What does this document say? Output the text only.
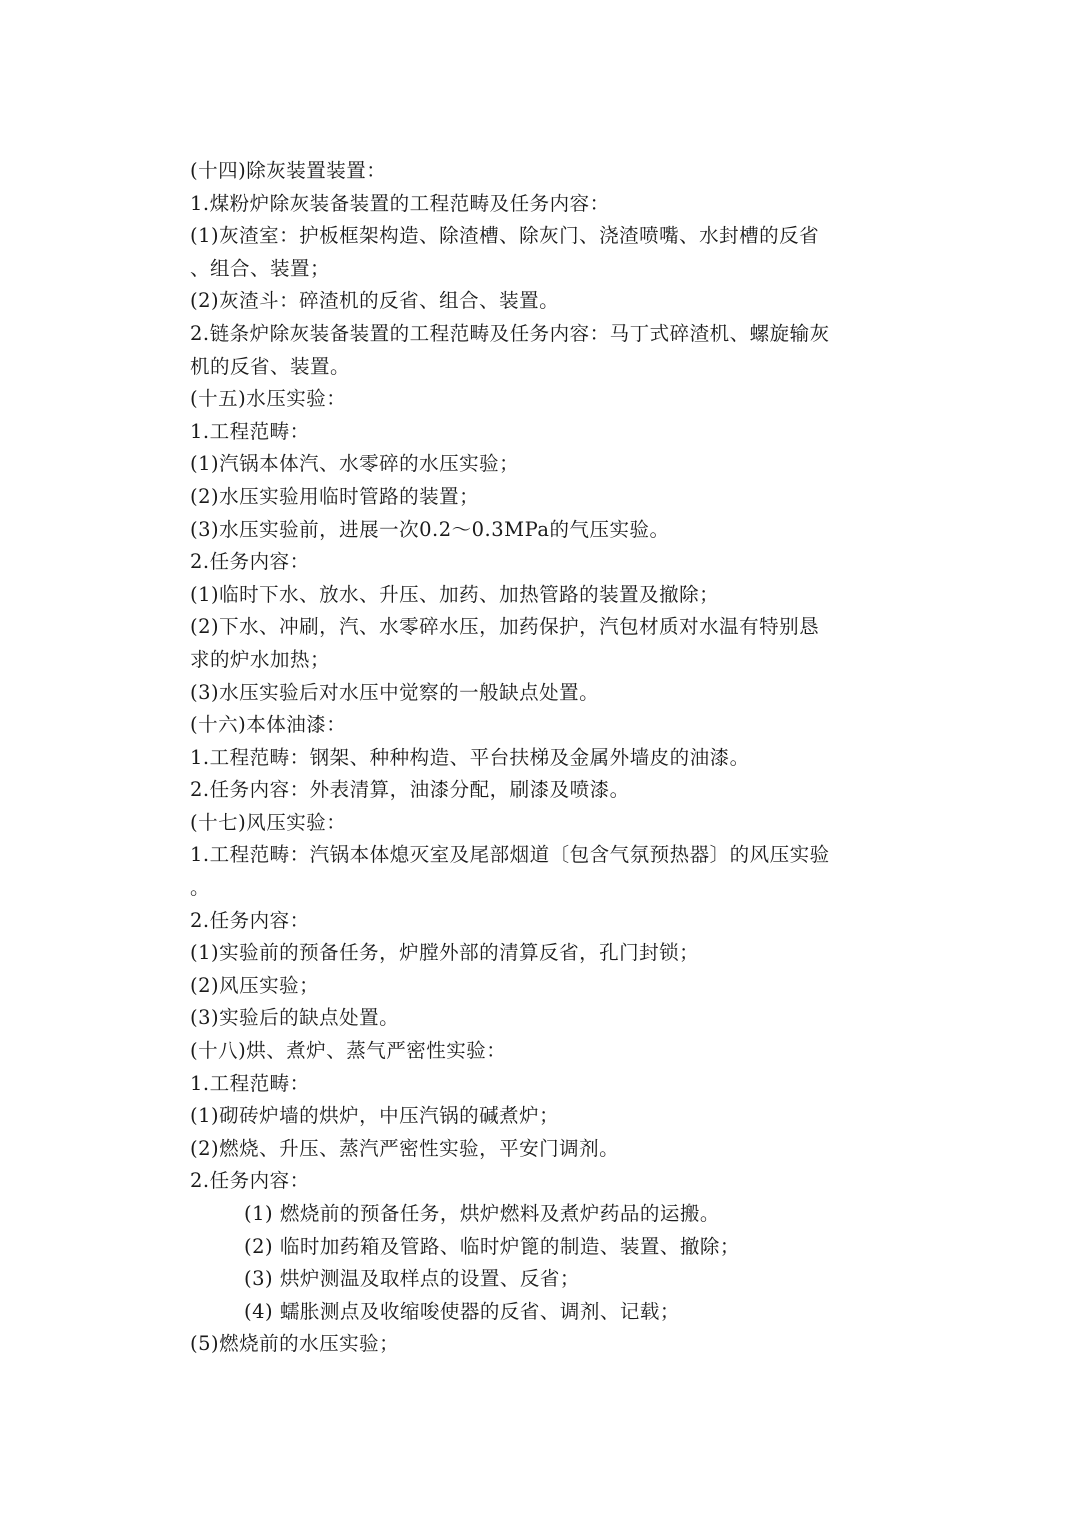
(十四)除灰装置装置：
1.煤粉炉除灰装备装置的工程范畴及任务内容：
(1)灰渣室：护板框架构造、除渣槽、除灰门、浇渣喷嘴、水封槽的反省
、组合、装置；
(2)灰渣斗：碎渣机的反省、组合、装置。
2.链条炉除灰装备装置的工程范畴及任务内容：马丁式碎渣机、螺旋输灰
机的反省、装置。
(十五)水压实验：
1.工程范畴：
(1)汽锅本体汽、水零碎的水压实验；
(2)水压实验用临时管路的装置；
(3)水压实验前，进展一次0.2～0.3MPa的气压实验。
2.任务内容：
(1)临时下水、放水、升压、加药、加热管路的装置及撤除；
(2)下水、冲刷，汽、水零碎水压，加药保护，汽包材质对水温有特别恳
求的炉水加热；
(3)水压实验后对水压中觉察的一般缺点处置。
(十六)本体油漆：
1.工程范畴：钢架、种种构造、平台扶梯及金属外墙皮的油漆。
2.任务内容：外表清算，油漆分配，刷漆及喷漆。
(十七)风压实验：
1.工程范畴：汽锅本体熄灭室及尾部烟道〔包含气氛预热器〕的风压实验
。
2.任务内容：
(1)实验前的预备任务，炉膛外部的清算反省，孔门封锁；
(2)风压实验；
(3)实验后的缺点处置。
(十八)烘、煮炉、蒸气严密性实验：
1.工程范畴：
(1)砌砖炉墙的烘炉，中压汽锅的碱煮炉；
(2)燃烧、升压、蒸汽严密性实验，平安门调剂。
2.任务内容：
(1) 燃烧前的预备任务，烘炉燃料及煮炉药品的运搬。
(2) 临时加药箱及管路、临时炉篦的制造、装置、撤除；
(3) 烘炉测温及取样点的设置、反省；
(4) 蠕胀测点及收缩唆使器的反省、调剂、记载；
(5)燃烧前的水压实验；
